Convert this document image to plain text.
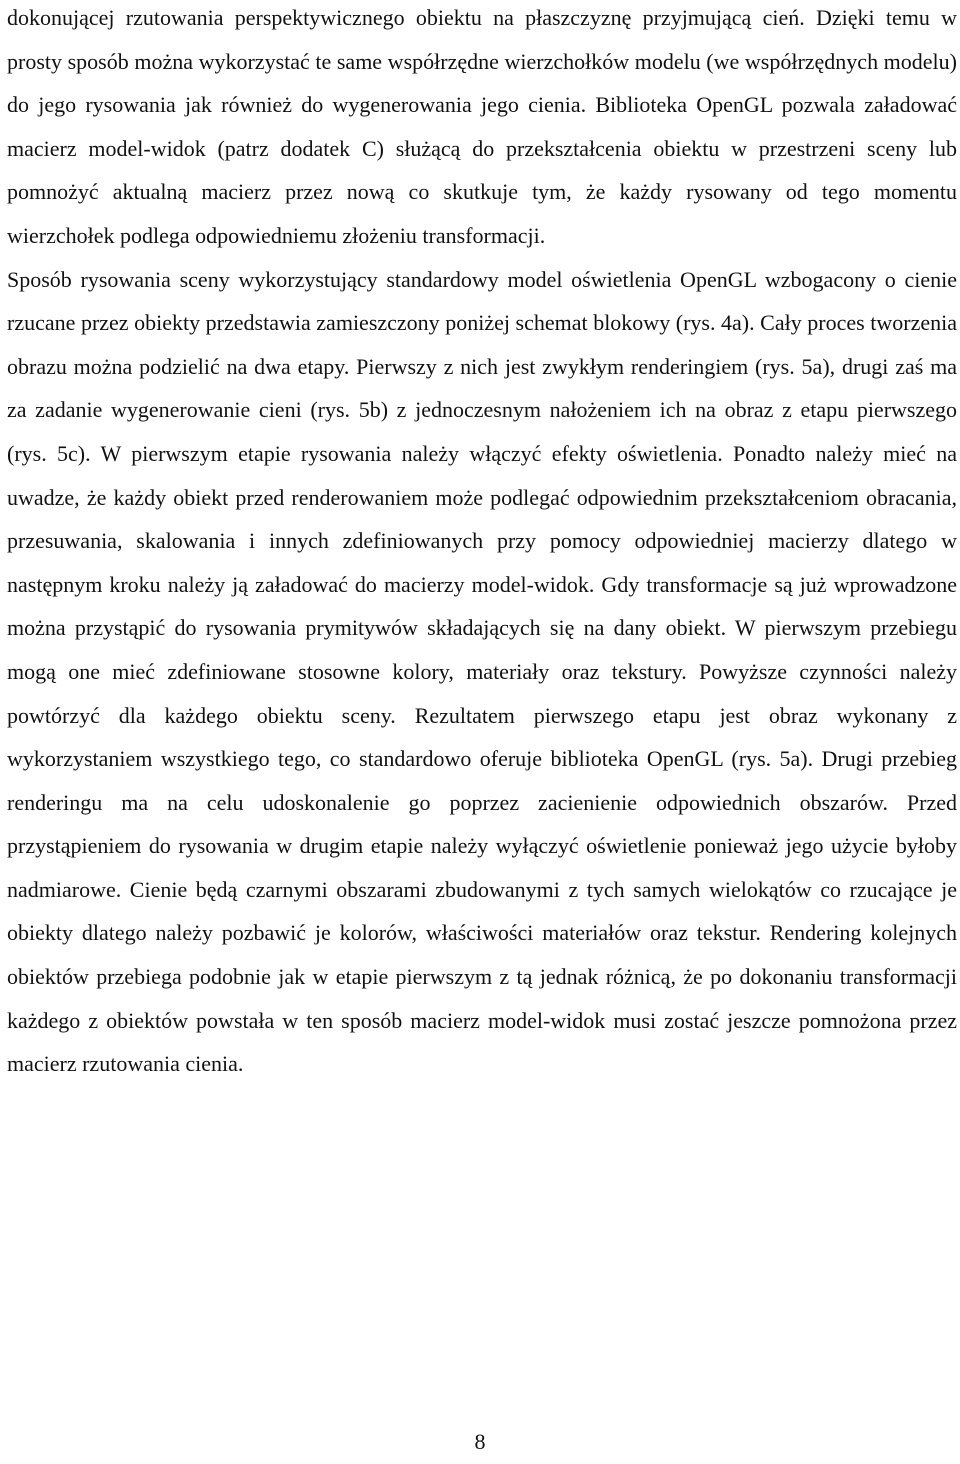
dokonującej rzutowania perspektywicznego obiektu na płaszczyznę przyjmującą cień. Dzięki temu w prosty sposób można wykorzystać te same współrzędne wierzchołków modelu (we współrzędnych modelu) do jego rysowania jak również do wygenerowania jego cienia. Biblioteka OpenGL pozwala załadować macierz model-widok (patrz dodatek C) służącą do przekształcenia obiektu w przestrzeni sceny lub pomnożyć aktualną macierz przez nową co skutkuje tym, że każdy rysowany od tego momentu wierzchołek podlega odpowiedniemu złożeniu transformacji.

Sposób rysowania sceny wykorzystujący standardowy model oświetlenia OpenGL wzbogacony o cienie rzucane przez obiekty przedstawia zamieszczony poniżej schemat blokowy (rys. 4a). Cały proces tworzenia obrazu można podzielić na dwa etapy. Pierwszy z nich jest zwykłym renderingiem (rys. 5a), drugi zaś ma za zadanie wygenerowanie cieni (rys. 5b) z jednoczesnym nałożeniem ich na obraz z etapu pierwszego (rys. 5c). W pierwszym etapie rysowania należy włączyć efekty oświetlenia. Ponadto należy mieć na uwadze, że każdy obiekt przed renderowaniem może podlegać odpowiednim przekształceniom obracania, przesuwania, skalowania i innych zdefiniowanych przy pomocy odpowiedniej macierzy dlatego w następnym kroku należy ją załadować do macierzy model-widok. Gdy transformacje są już wprowadzone można przystąpić do rysowania prymitywów składających się na dany obiekt. W pierwszym przebiegu mogą one mieć zdefiniowane stosowne kolory, materiały oraz tekstury. Powyższe czynności należy powtórzyć dla każdego obiektu sceny. Rezultatem pierwszego etapu jest obraz wykonany z wykorzystaniem wszystkiego tego, co standardowo oferuje biblioteka OpenGL (rys. 5a). Drugi przebieg renderingu ma na celu udoskonalenie go poprzez zacienienie odpowiednich obszarów. Przed przystąpieniem do rysowania w drugim etapie należy wyłączyć oświetlenie ponieważ jego użycie byłoby nadmiarowe. Cienie będą czarnymi obszarami zbudowanymi z tych samych wielokątów co rzucające je obiekty dlatego należy pozbawić je kolorów, właściwości materiałów oraz tekstur. Rendering kolejnych obiektów przebiega podobnie jak w etapie pierwszym z tą jednak różnicą, że po dokonaniu transformacji każdego z obiektów powstała w ten sposób macierz model-widok musi zostać jeszcze pomnożona przez macierz rzutowania cienia.

8
